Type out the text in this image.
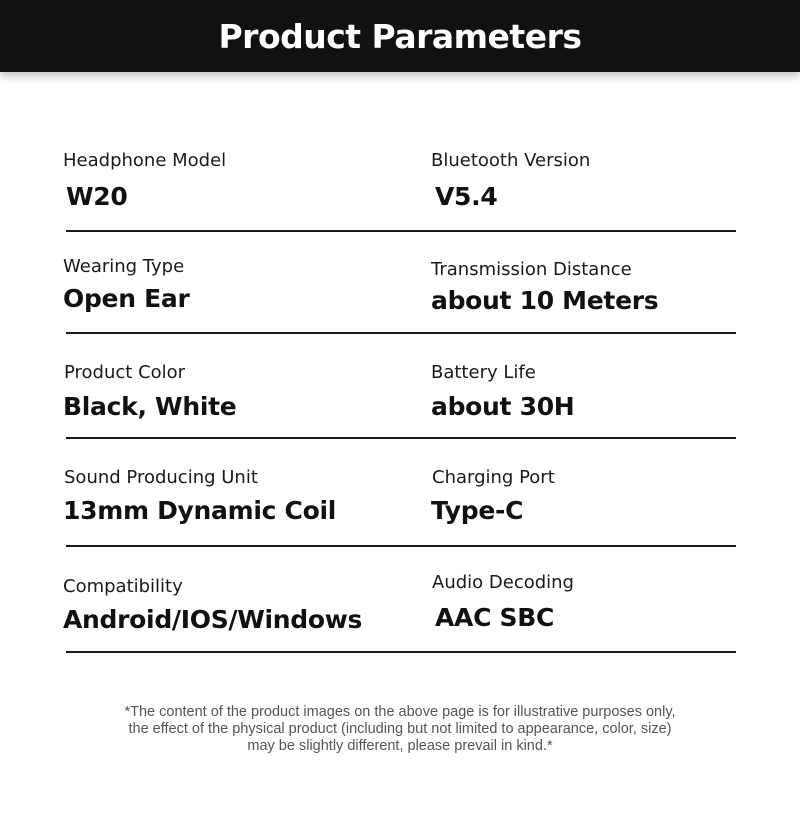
Product Parameters
Headphone Model
W20
Bluetooth Version
V5.4
Wearing Type
Open Ear
Transmission Distance
about 10 Meters
Product Color
Black, White
Battery Life
about 30H
Sound Producing Unit
13mm Dynamic Coil
Charging Port
Type-C
Compatibility
Android/IOS/Windows
Audio Decoding
AAC SBC
*The content of the product images on the above page is for illustrative purposes only,
the effect of the physical product (including but not limited to appearance, color, size)
may be slightly different, please prevail in kind.*
